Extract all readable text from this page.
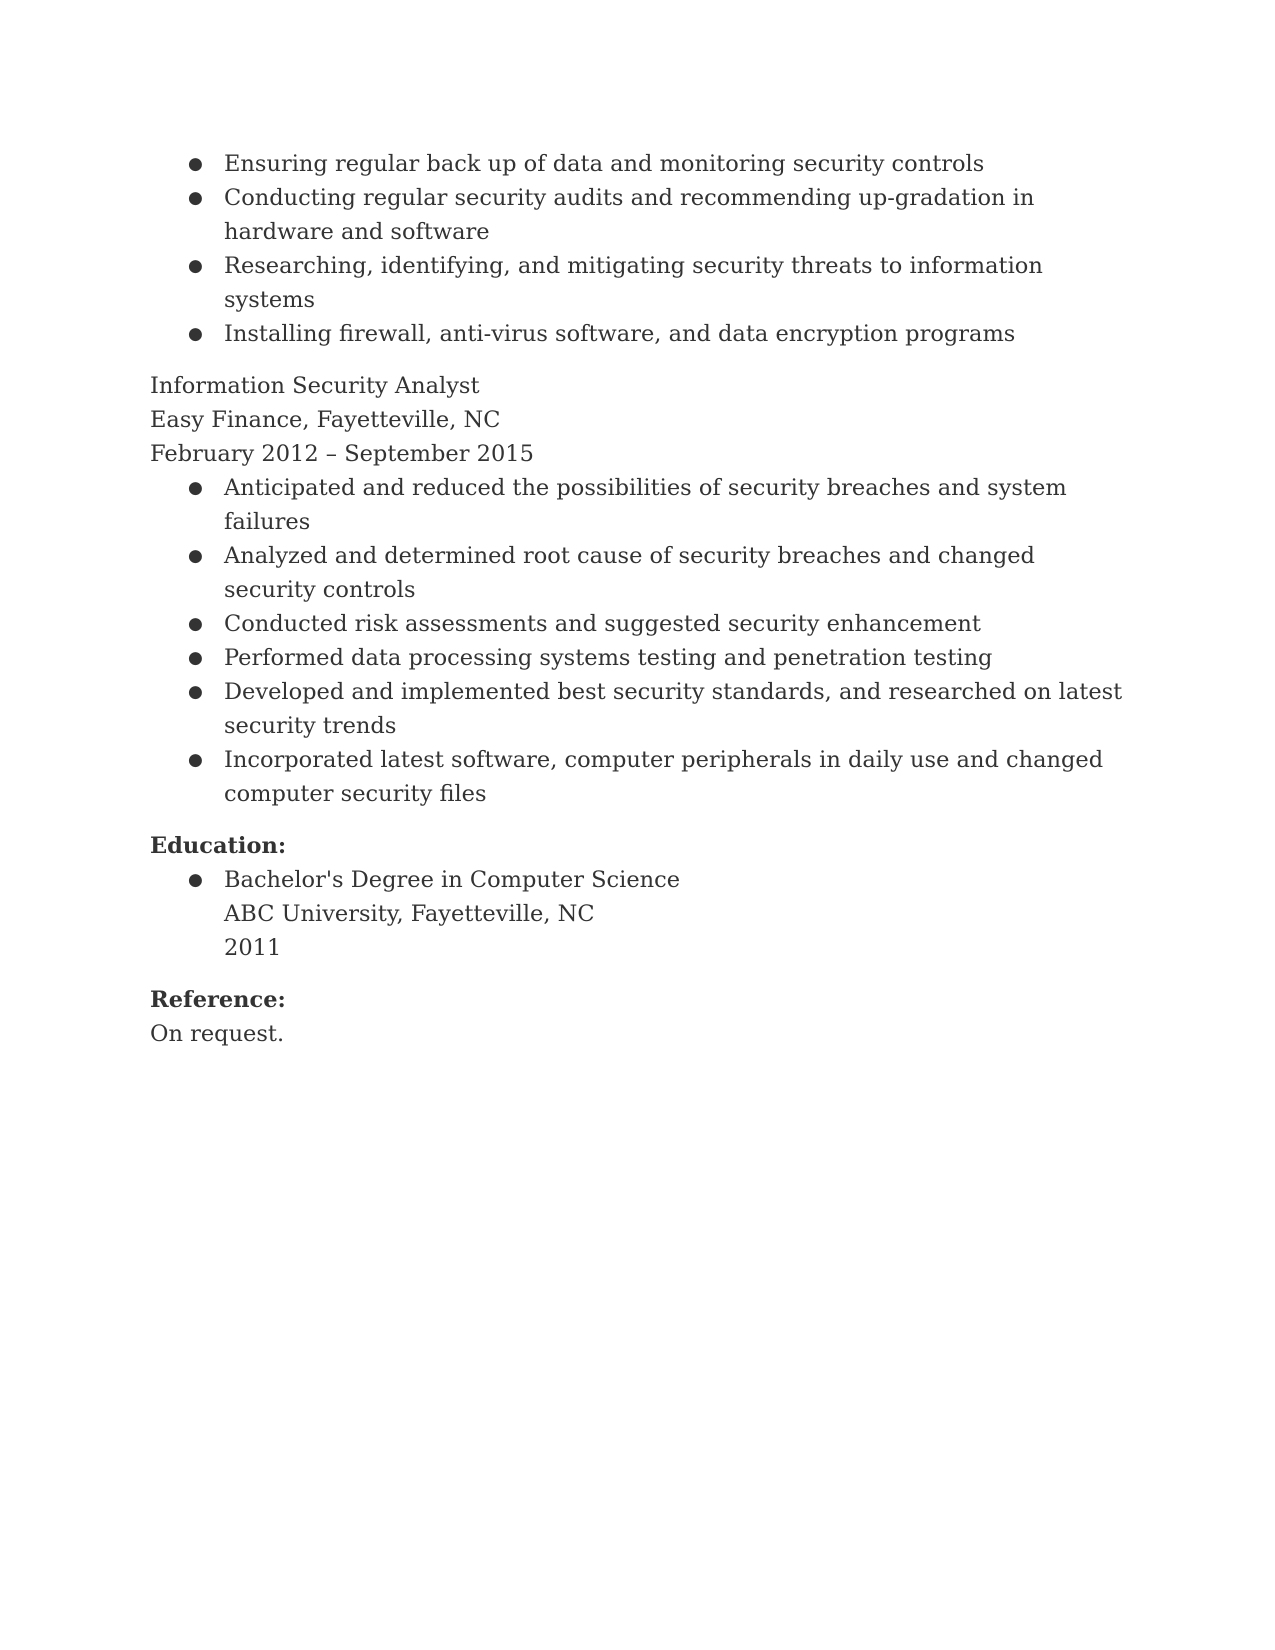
● Ensuring regular back up of data and monitoring security controls
● Conducting regular security audits and recommending up-gradation in hardware and software
● Researching, identifying, and mitigating security threats to information systems
● Installing firewall, anti-virus software, and data encryption programs
Information Security Analyst
Easy Finance, Fayetteville, NC
February 2012 – September 2015
● Anticipated and reduced the possibilities of security breaches and system failures
● Analyzed and determined root cause of security breaches and changed security controls
● Conducted risk assessments and suggested security enhancement
● Performed data processing systems testing and penetration testing
● Developed and implemented best security standards, and researched on latest security trends
● Incorporated latest software, computer peripherals in daily use and changed computer security files
Education:
● Bachelor's Degree in Computer Science
ABC University, Fayetteville, NC
2011
Reference:
On request.
